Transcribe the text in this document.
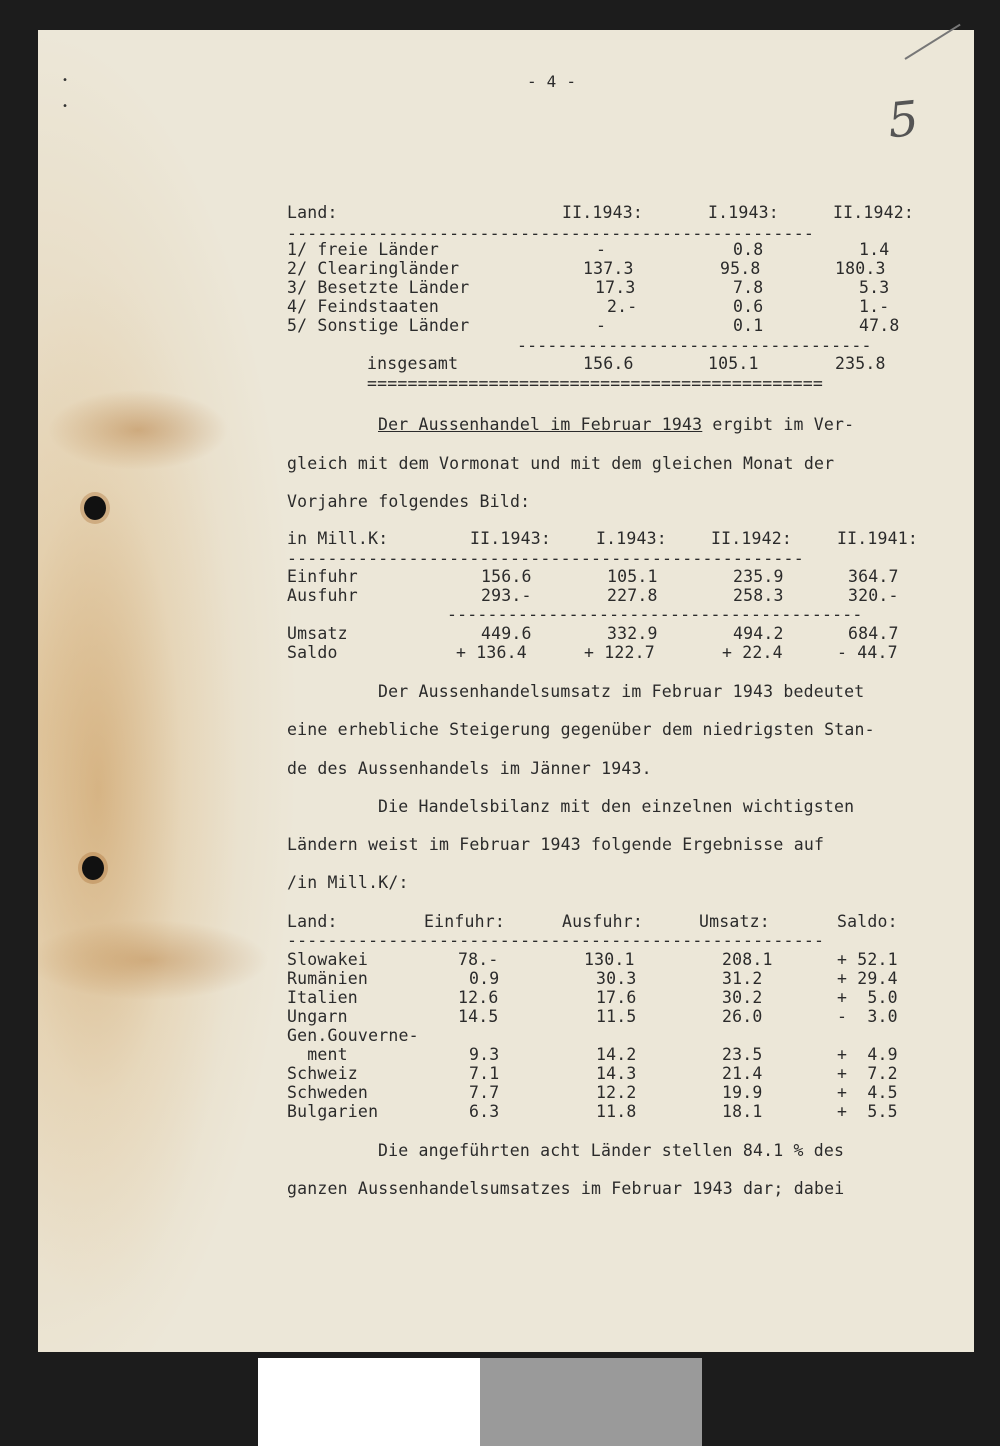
•
•
- 4 -
5
Land:	II.1943:	I.1943:	II.1942:
----------------------------------------------------
1/ freie Länder	-	0.8	1.4
2/ Clearingländer	137.3	95.8	180.3
3/ Besetzte Länder	17.3	7.8	5.3
4/ Feindstaaten	2.-	0.6	1.-
5/ Sonstige Länder	-	0.1	47.8
-----------------------------------
insgesamt	156.6	105.1	235.8
=============================================
Der Aussenhandel im Februar 1943 ergibt im Ver-
gleich mit dem Vormonat und mit dem gleichen Monat der
Vorjahre folgendes Bild:
in Mill.K:	II.1943:	I.1943:	II.1942:	II.1941:
---------------------------------------------------
Einfuhr	156.6	105.1	235.9	364.7
Ausfuhr	293.-	227.8	258.3	320.-
-----------------------------------------
Umsatz	449.6	332.9	494.2	684.7
Saldo	+ 136.4	+ 122.7	+ 22.4	- 44.7
Der Aussenhandelsumsatz im Februar 1943 bedeutet
eine erhebliche Steigerung gegenüber dem niedrigsten Stan-
de des Aussenhandels im Jänner 1943.
Die Handelsbilanz mit den einzelnen wichtigsten
Ländern weist im Februar 1943 folgende Ergebnisse auf
/in Mill.K/:
Land:	Einfuhr:	Ausfuhr:	Umsatz:	Saldo:
-----------------------------------------------------
Slowakei	78.-	130.1	208.1	+ 52.1
Rumänien	0.9	30.3	31.2	+ 29.4
Italien	12.6	17.6	30.2	+  5.0
Ungarn	14.5	11.5	26.0	-  3.0
Gen.Gouverne-
ment	9.3	14.2	23.5	+  4.9
Schweiz	7.1	14.3	21.4	+  7.2
Schweden	7.7	12.2	19.9	+  4.5
Bulgarien	6.3	11.8	18.1	+  5.5
Die angeführten acht Länder stellen 84.1 % des
ganzen Aussenhandelsumsatzes im Februar 1943 dar; dabei
